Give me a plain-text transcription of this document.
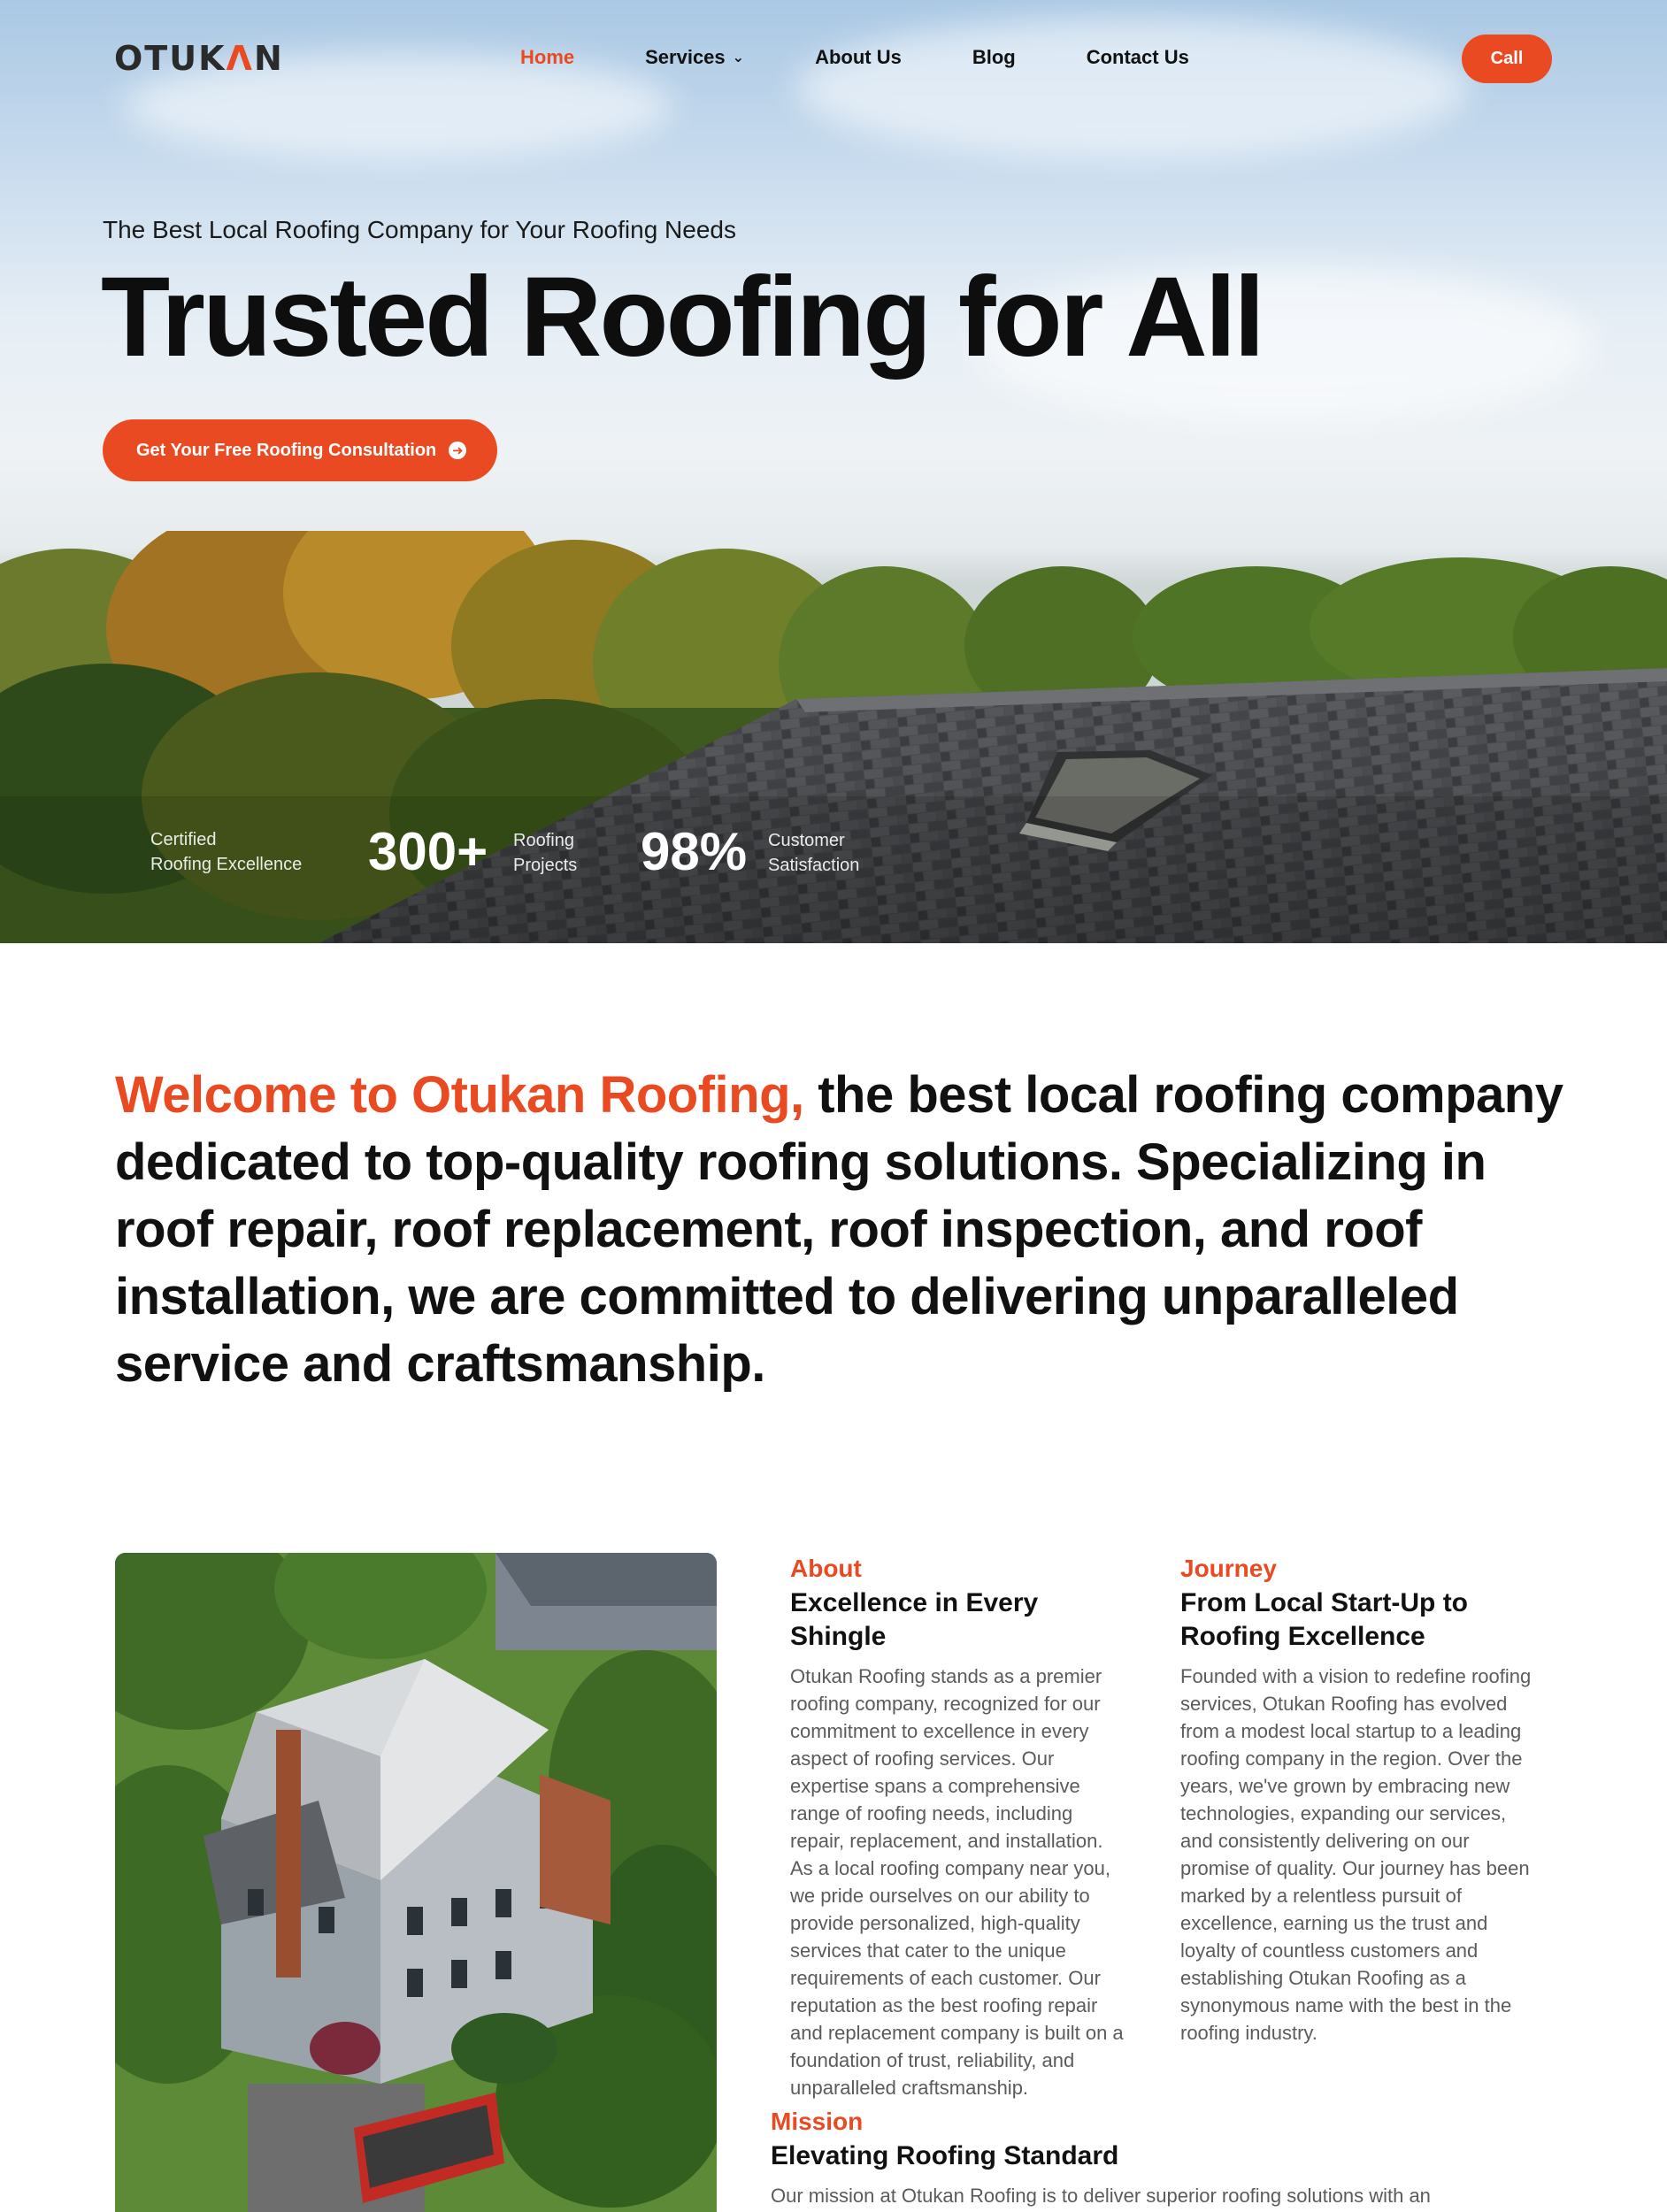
OTUKΛN	Home	Services ⌄	About Us	Blog	Contact Us	Call
The Best Local Roofing Company for Your Roofing Needs
Trusted Roofing for All
Get Your Free Roofing Consultation ➜
Certified
Roofing Excellence 300+ Roofing
Projects 98% Customer
Satisfaction

Welcome to Otukan Roofing, the best local roofing company dedicated to top-quality roofing solutions. Specializing in roof repair, roof replacement, roof inspection, and roof installation, we are committed to delivering unparalleled service and craftsmanship.

About
Excellence in Every Shingle
Otukan Roofing stands as a premier roofing company, recognized for our commitment to excellence in every aspect of roofing services. Our expertise spans a comprehensive range of roofing needs, including repair, replacement, and installation. As a local roofing company near you, we pride ourselves on our ability to provide personalized, high-quality services that cater to the unique requirements of each customer. Our reputation as the best roofing repair and replacement company is built on a foundation of trust, reliability, and unparalleled craftsmanship.
Journey
From Local Start-Up to Roofing Excellence
Founded with a vision to redefine roofing services, Otukan Roofing has evolved from a modest local startup to a leading roofing company in the region. Over the years, we've grown by embracing new technologies, expanding our services, and consistently delivering on our promise of quality. Our journey has been marked by a relentless pursuit of excellence, earning us the trust and loyalty of countless customers and establishing Otukan Roofing as a synonymous name with the best in the roofing industry.
Mission
Elevating Roofing Standard
Our mission at Otukan Roofing is to deliver superior roofing solutions with an
